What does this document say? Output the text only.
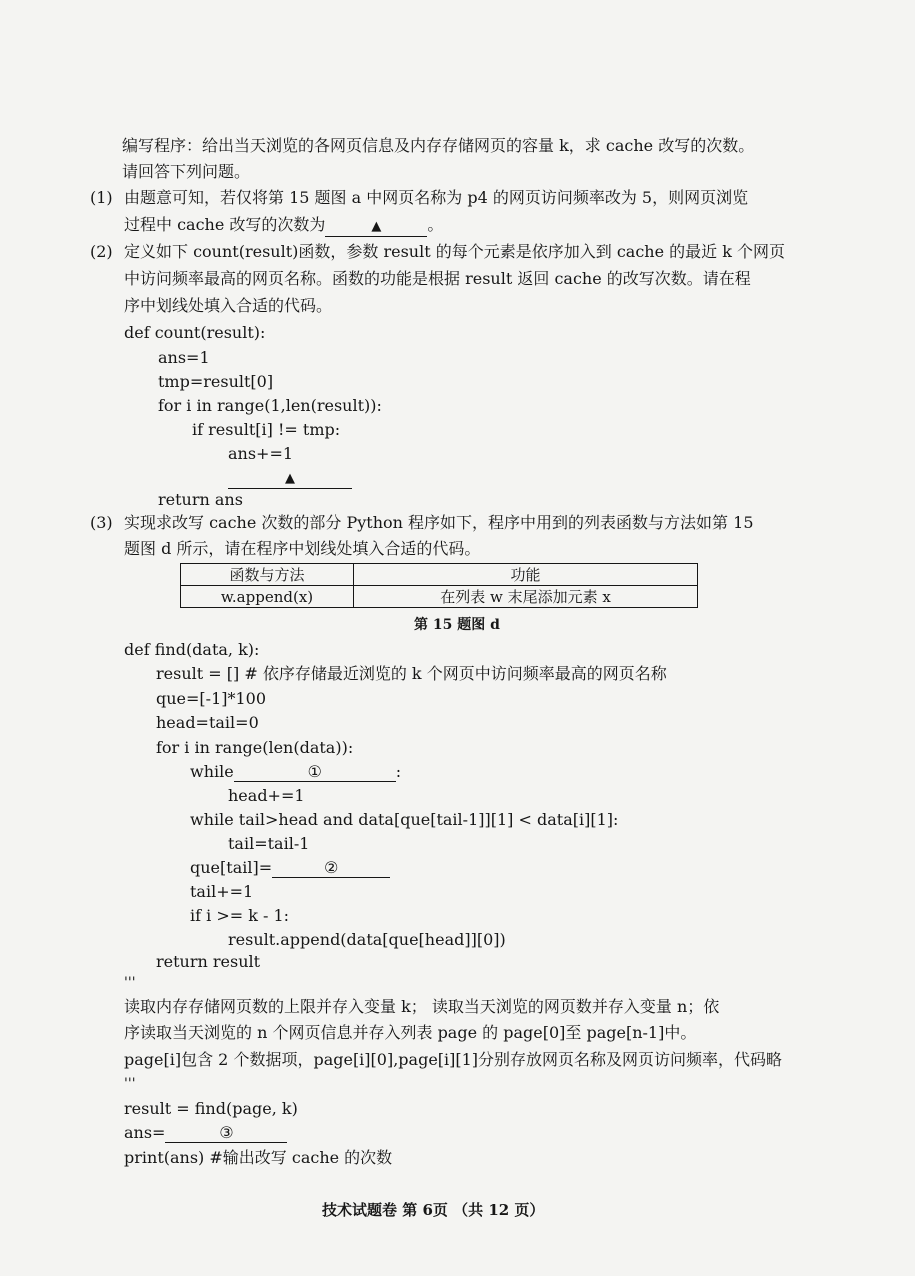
编写程序：给出当天浏览的各网页信息及内存存储网页的容量 k，求 cache 改写的次数。
请回答下列问题。
(1) 由题意可知，若仅将第 15 题图 a 中网页名称为 p4 的网页访问频率改为 5，则网页浏览
过程中 cache 改写的次数为	▲	。
(2) 定义如下 count(result)函数，参数 result 的每个元素是依序加入到 cache 的最近 k 个网页
中访问频率最高的网页名称。函数的功能是根据 result 返回 cache 的改写次数。请在程
序中划线处填入合适的代码。
def count(result):
ans=1
tmp=result[0]
for i in range(1,len(result)):
if result[i] != tmp:
ans+=1
▲
return ans
(3) 实现求改写 cache 次数的部分 Python 程序如下，程序中用到的列表函数与方法如第 15
题图 d 所示，请在程序中划线处填入合适的代码。
函数与方法	功能
w.append(x)	在列表 w 末尾添加元素 x
第 15 题图 d
def find(data, k):
result = [] # 依序存储最近浏览的 k 个网页中访问频率最高的网页名称
que=[-1]*100
head=tail=0
for i in range(len(data)):
while	①	:
head+=1
while tail>head and data[que[tail-1]][1] < data[i][1]:
tail=tail-1
que[tail]=	②
tail+=1
if i >= k - 1:
result.append(data[que[head]][0])
return result
'''
读取内存存储网页数的上限并存入变量 k； 读取当天浏览的网页数并存入变量 n；依
序读取当天浏览的 n 个网页信息并存入列表 page 的 page[0]至 page[n-1]中。
page[i]包含 2 个数据项，page[i][0],page[i][1]分别存放网页名称及网页访问频率，代码略
'''
result = find(page, k)
ans=	③
print(ans) #输出改写 cache 的次数
技术试题卷 第 6页 （共 12 页）
